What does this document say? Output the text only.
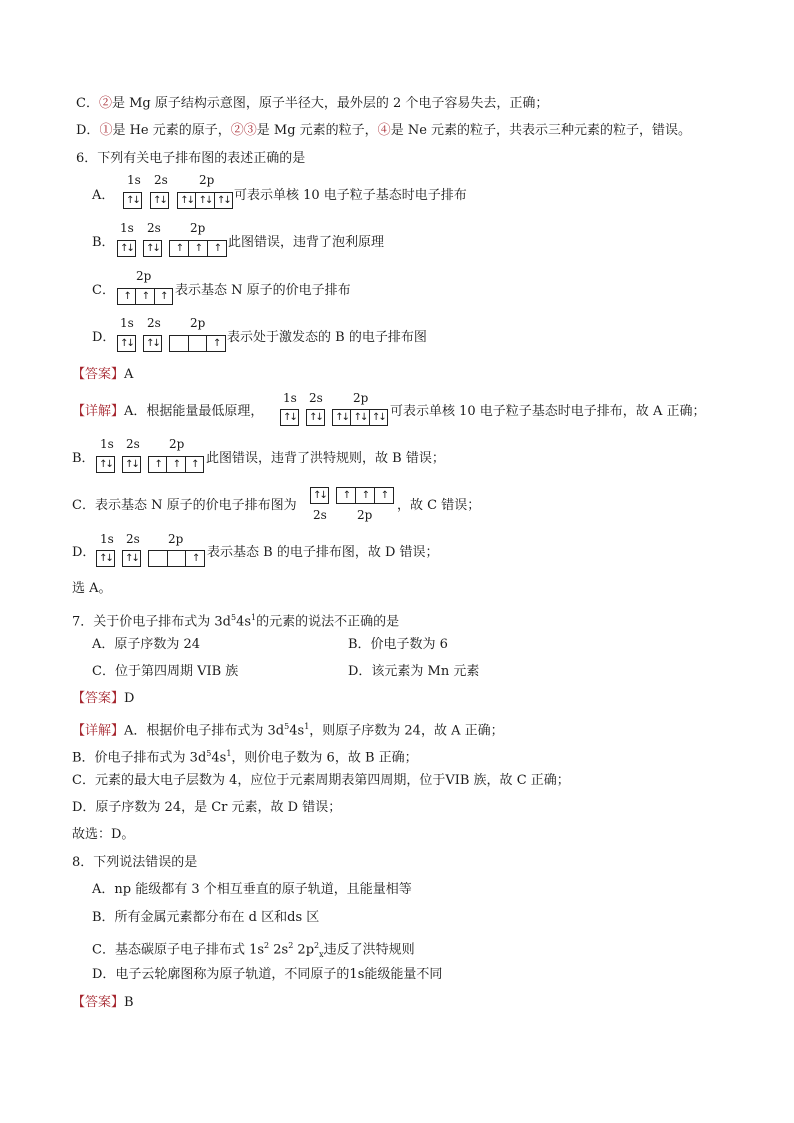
C．②是 Mg 原子结构示意图，原子半径大，最外层的 2 个电子容易失去，正确；
D．①是 He 元素的原子，②③是 Mg 元素的粒子，④是 Ne 元素的粒子，共表示三种元素的粒子，错误。
6．下列有关电子排布图的表述正确的是
A．
1s 2s	2p
↑↓ ↑↓ ↑↓ ↑↓ ↑↓ 可表示单核 10 电子粒子基态时电子排布
B．
1s 2s 2p
↑↓ ↑↓	↑	↑	↑ 此图错误，违背了泡利原理
C．
2p
↑	↑	↑ 表示基态 N 原子的价电子排布
D．
1s 2s 2p
↑↓ ↑↓	↑ 表示处于激发态的 B 的电子排布图
【答案】A
【详解】A．根据能量最低原理，
1s 2s	2p
↑↓ ↑↓ ↑↓ ↑↓ ↑↓ 可表示单核 10 电子粒子基态时电子排布，故 A 正确；
B．
1s 2s 2p
↑↓ ↑↓	↑	↑	↑ 此图错误，违背了洪特规则，故 B 错误；
C．表示基态 N 原子的价电子排布图为
↑↓	↑	↑	↑
2s	2p
，故 C 错误；
D．
1s 2s 2p
↑↓ ↑↓	↑ 表示基态 B 的电子排布图，故 D 错误；
选 A。
7．关于价电子排布式为 $3d^54s^1$的元素的说法不正确的是
A．原子序数为 24	B．价电子数为 6
C．位于第四周期 VIB 族	D．该元素为 Mn 元素
【答案】D
【详解】A．根据价电子排布式为 $3d^54s^1$，则原子序数为 24，故 A 正确；
B．价电子排布式为 $3d^54s^1$，则价电子数为 6，故 B 正确；
C．元素的最大电子层数为 4，应位于元素周期表第四周期，位于VIB 族，故 C 正确；
D．原子序数为 24，是 Cr 元素，故 D 错误；
故选：D。
8．下列说法错误的是
A．np 能级都有 3 个相互垂直的原子轨道，且能量相等
B．所有金属元素都分布在 d 区和ds 区
C．基态碳原子电子排布式 $1s^2$ $2s^2$ $2p^2_x$违反了洪特规则
D．电子云轮廓图称为原子轨道，不同原子的1s能级能量不同
【答案】B
